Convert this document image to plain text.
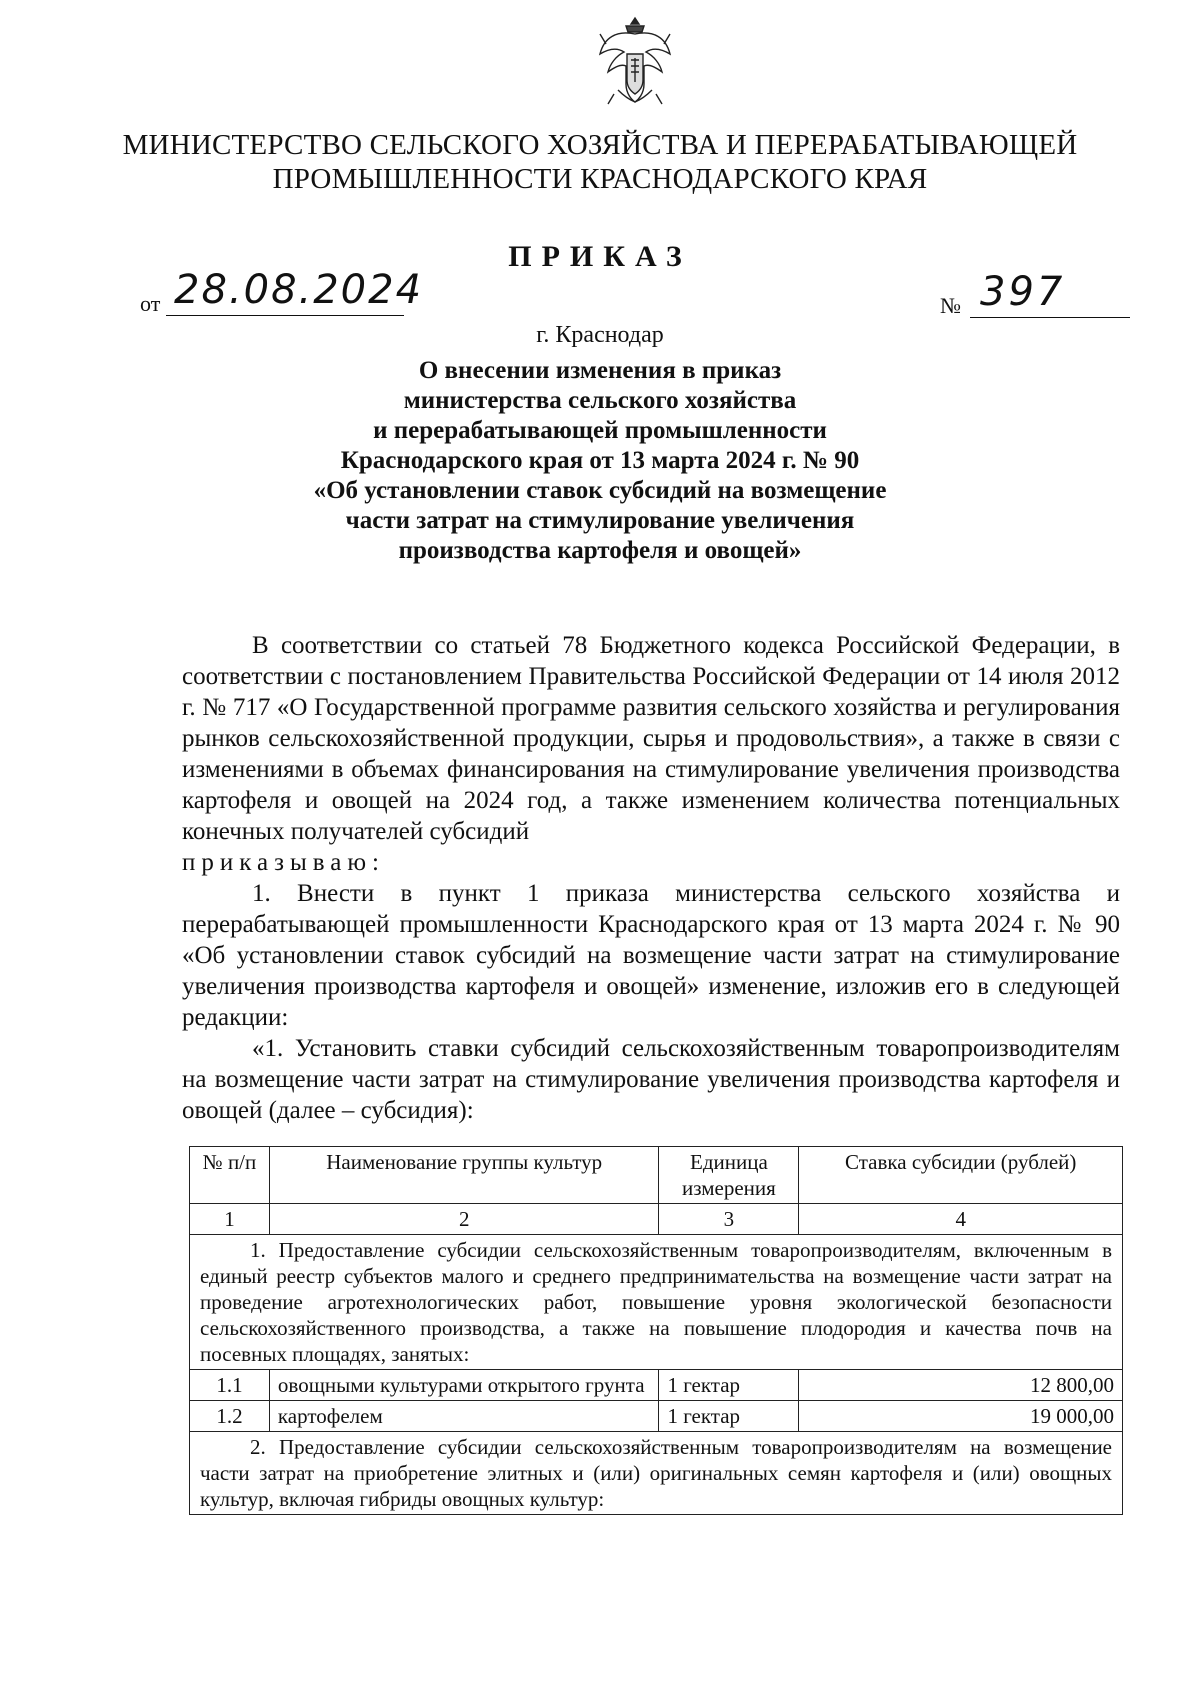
МИНИСТЕРСТВО СЕЛЬСКОГО ХОЗЯЙСТВА И ПЕРЕРАБАТЫВАЮЩЕЙ
ПРОМЫШЛЕННОСТИ КРАСНОДАРСКОГО КРАЯ
ПРИКАЗ
от 28.08.2024	№ 397
г. Краснодар
О внесении изменения в приказ
министерства сельского хозяйства
и перерабатывающей промышленности
Краснодарского края от 13 марта 2024 г. № 90
«Об установлении ставок субсидий на возмещение
части затрат на стимулирование увеличения
производства картофеля и овощей»
В соответствии со статьей 78 Бюджетного кодекса Российской Федерации, в соответствии с постановлением Правительства Российской Федерации от 14 июля 2012 г. № 717 «О Государственной программе развития сельского хозяйства и регулирования рынков сельскохозяйственной продукции, сырья и продовольствия», а также в связи с изменениями в объемах финансирования на стимулирование увеличения производства картофеля и овощей на 2024 год, а также изменением количества потенциальных конечных получателей субсидий
приказываю:
1. Внести в пункт 1 приказа министерства сельского хозяйства и перерабатывающей промышленности Краснодарского края от 13 марта 2024 г. № 90 «Об установлении ставок субсидий на возмещение части затрат на стимулирование увеличения производства картофеля и овощей» изменение, изложив его в следующей редакции:
«1. Установить ставки субсидий сельскохозяйственным товаропроизводителям на возмещение части затрат на стимулирование увеличения производства картофеля и овощей (далее – субсидия):
№ п/п	Наименование группы культур	Единица измерения	Ставка субсидии (рублей)
1	2	3	4

1. Предоставление субсидии сельскохозяйственным товаропроизводителям, включенным в единый реестр субъектов малого и среднего предпринимательства на возмещение части затрат на проведение агротехнологических работ, повышение уровня экологической безопасности сельскохозяйственного производства, а также на повышение плодородия и качества почв на посевных площадях, занятых:			

1.1	овощными культурами открытого грунта	1 гектар	12 800,00
1.2	картофелем	1 гектар	19 000,00

2. Предоставление субсидии сельскохозяйственным товаропроизводителям на возмещение части затрат на приобретение элитных и (или) оригинальных семян картофеля и (или) овощных культур, включая гибриды овощных культур:			
